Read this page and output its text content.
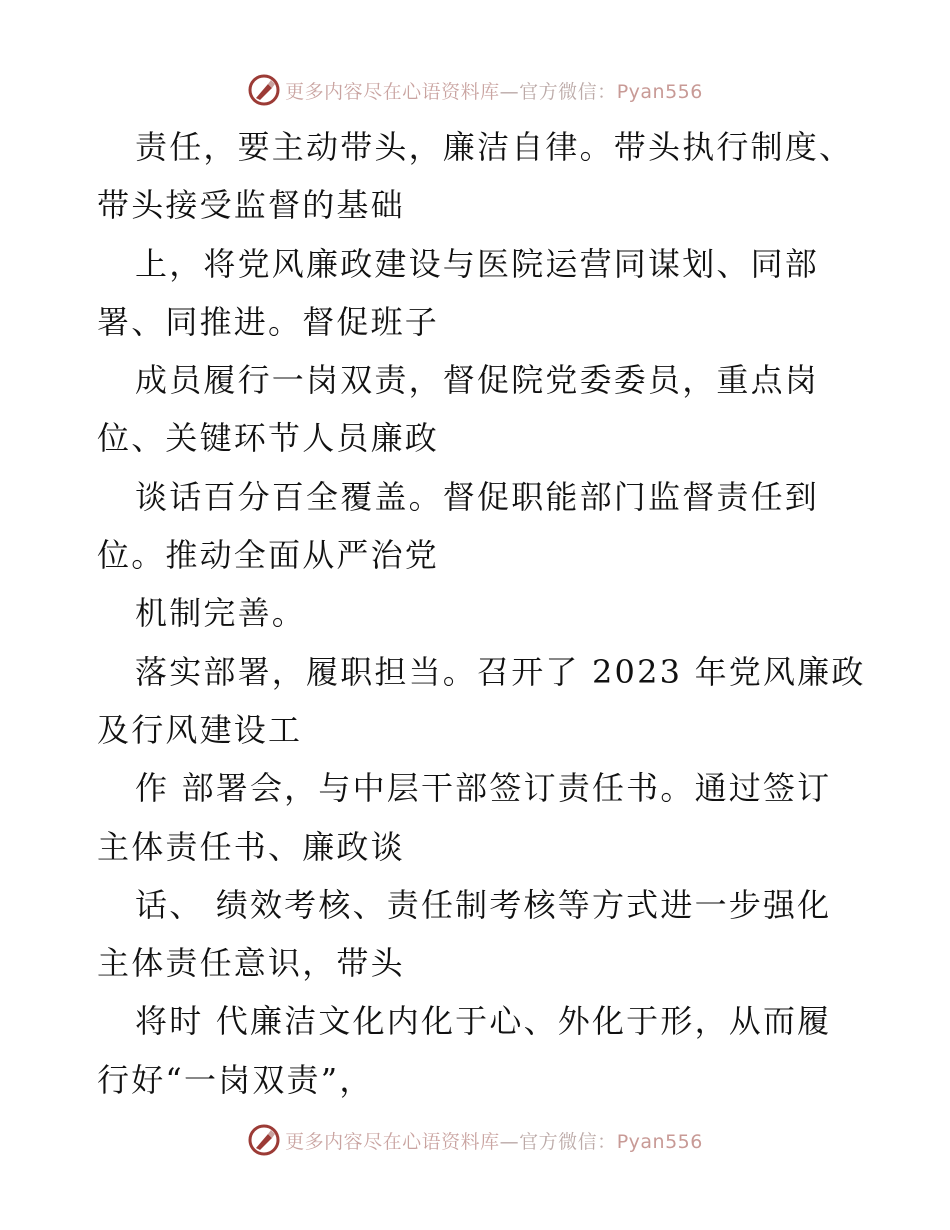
更多内容尽在心语资料库—官方微信：Pyan556
责任，要主动带头，廉洁自律。带头执行制度、
带头接受监督的基础
上，将党风廉政建设与医院运营同谋划、同部
署、同推进。督促班子
成员履行一岗双责，督促院党委委员，重点岗
位、关键环节人员廉政
谈话百分百全覆盖。督促职能部门监督责任到
位。推动全面从严治党
机制完善。
落实部署，履职担当。召开了 2023 年党风廉政
及行风建设工
作 部署会，与中层干部签订责任书。通过签订
主体责任书、廉政谈
话、 绩效考核、责任制考核等方式进一步强化
主体责任意识，带头
将时 代廉洁文化内化于心、外化于形，从而履
行好“一岗双责”，
更多内容尽在心语资料库—官方微信：Pyan556
